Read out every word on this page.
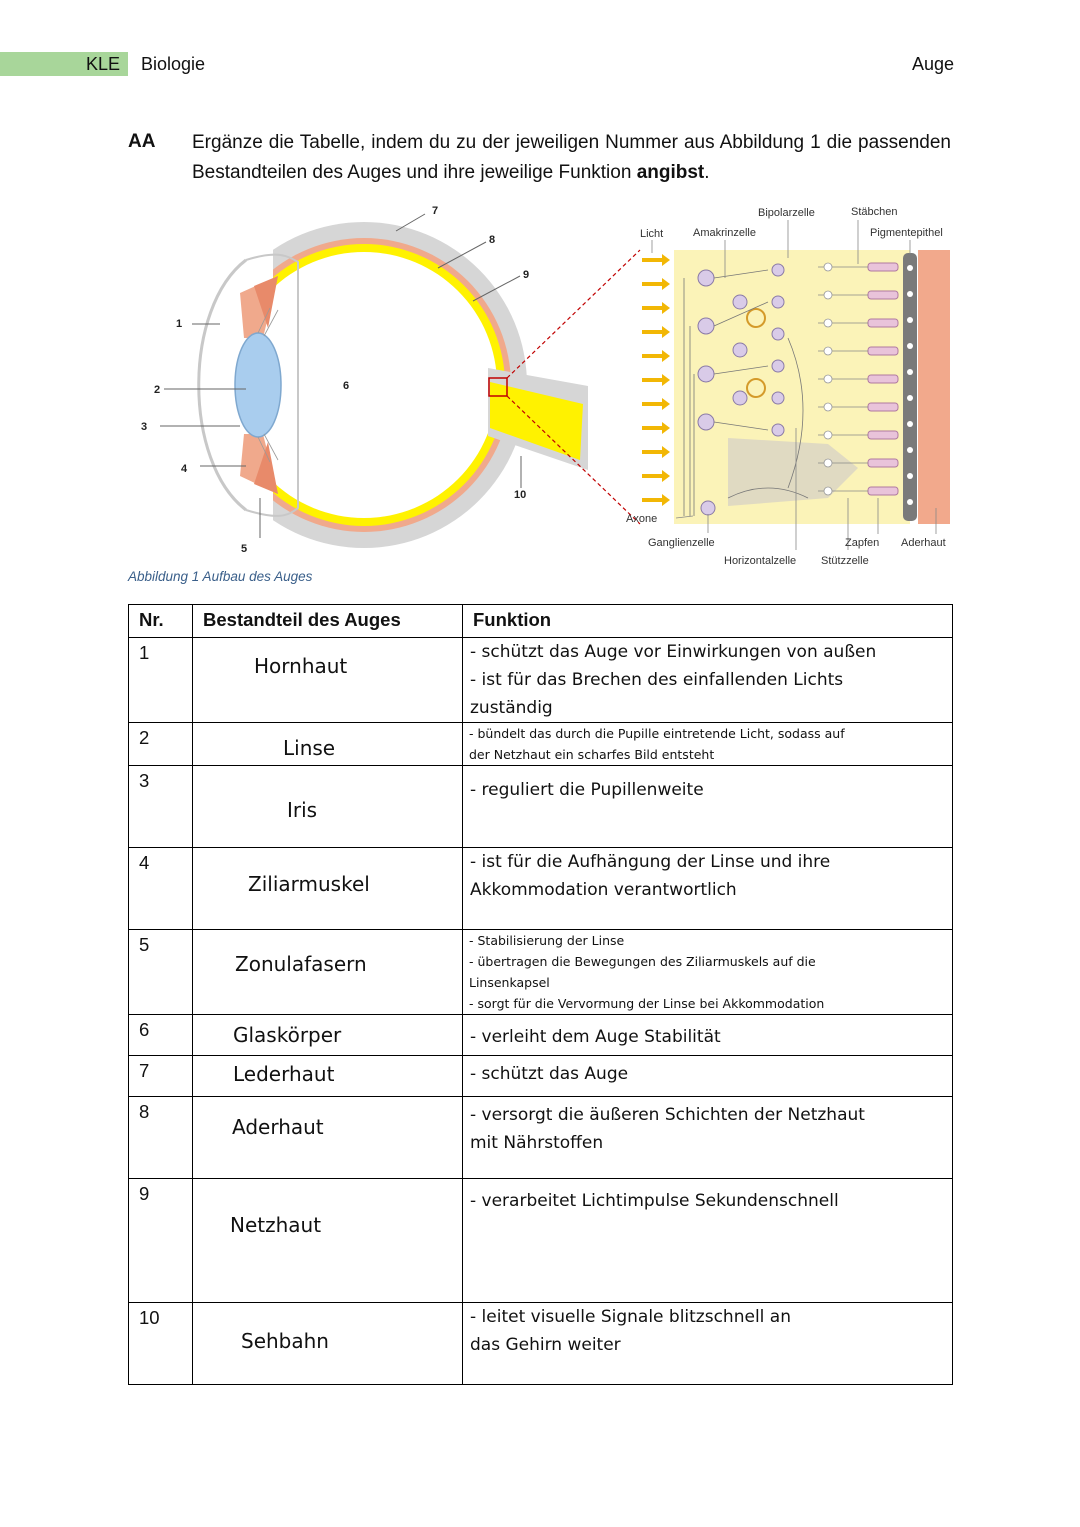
KLE Biologie	Auge
AA Ergänze die Tabelle, indem du zu der jeweiligen Nummer aus Abbildung 1 die passenden Bestandteilen des Auges und ihre jeweilige Funktion angibst.
1
2
3
4
5
6
7
8
9
10
Bipolarzelle	Stäbchen
Licht	Amakrinzelle	Pigmentepithel
Axone
Ganglienzelle
Horizontalzelle
Zapfen
Stützzelle
Aderhaut
Abbildung 1 Aufbau des Auges
Nr.	Bestandteil des Auges	Funktion
1	Hornhaut	- schützt das Auge vor Einwirkungen von außen
- ist für das Brechen des einfallenden Lichts
zuständig

2	Linse	- bündelt das durch die Pupille eintretende Licht, sodass auf
der Netzhaut ein scharfes Bild entsteht

3	Iris	- reguliert die Pupillenweite

4	Ziliarmuskel	- ist für die Aufhängung der Linse und ihre
Akkommodation verantwortlich

5	Zonulafasern	- Stabilisierung der Linse
- übertragen die Bewegungen des Ziliarmuskels auf die
Linsenkapsel
- sorgt für die Vervormung der Linse bei Akkommodation

6	Glaskörper	- verleiht dem Auge Stabilität

7	Lederhaut	- schützt das Auge

8	Aderhaut	- versorgt die äußeren Schichten der Netzhaut
mit Nährstoffen

9	Netzhaut	- verarbeitet Lichtimpulse Sekundenschnell

10	Sehbahn	- leitet visuelle Signale blitzschnell an
das Gehirn weiter
